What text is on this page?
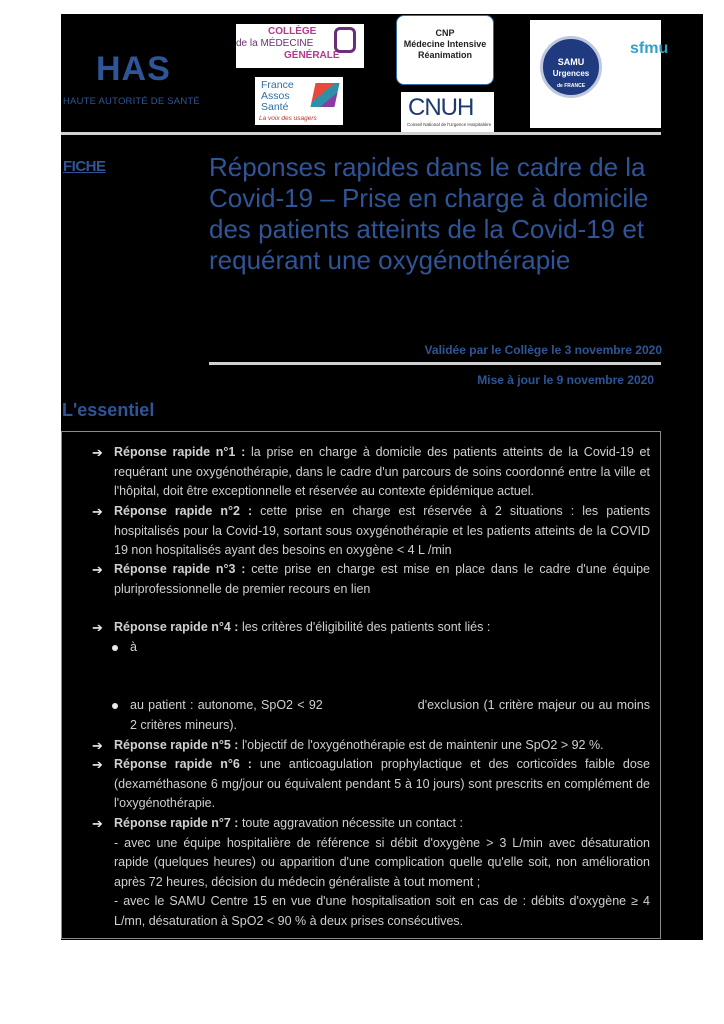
HAS
HAUTE AUTORITÉ DE SANTÉ
COLLÈGE
de la MÉDECINE
GÉNÉRALE
France
Assos
Santé
La voix des usagers
CNP
Médecine Intensive
Réanimation
CNUH
Conseil National de l'Urgence Hospitalière
SAMU
Urgences
de FRANCE
sfmu
FICHE	Réponses rapides dans le cadre de la Covid-19 – Prise en charge à domicile des patients atteints de la Covid-19 et requérant une oxygénothérapie
Validée par le Collège le 3 novembre 2020
Mise à jour le 9 novembre 2020
L'essentiel
➔ Réponse rapide n°1 : la prise en charge à domicile des patients atteints de la Covid-19 et requérant une oxygénothérapie, dans le cadre d'un parcours de soins coordonné entre la ville et l'hôpital, doit être exceptionnelle et réservée au contexte épidémique actuel.
➔ Réponse rapide n°2 : cette prise en charge est réservée à 2 situations : les patients hospitalisés pour la Covid-19, sortant sous oxygénothérapie et les patients atteints de la COVID 19 non hospitalisés ayant des besoins en oxygène < 4 L /min
➔ Réponse rapide n°3 : cette prise en charge est mise en place dans le cadre d'une équipe pluriprofessionnelle de premier recours en lien
➔ Réponse rapide n°4 : les critères d'éligibilité des patients sont liés :
à
au patient : autonome, SpO2 < 92	d'exclusion (1 critère majeur ou au moins 2 critères mineurs).
➔ Réponse rapide n°5 : l'objectif de l'oxygénothérapie est de maintenir une SpO2 > 92 %.
➔ Réponse rapide n°6 : une anticoagulation prophylactique et des corticoïdes faible dose (dexaméthasone 6 mg/jour ou équivalent pendant 5 à 10 jours) sont prescrits en complément de l'oxygénothérapie.
➔ Réponse rapide n°7 : toute aggravation nécessite un contact :
- avec une équipe hospitalière de référence si débit d'oxygène > 3 L/min avec désaturation rapide (quelques heures) ou apparition d'une complication quelle qu'elle soit, non amélioration après 72 heures, décision du médecin généraliste à tout moment ;
- avec le SAMU Centre 15 en vue d'une hospitalisation soit en cas de : débits d'oxygène ≥ 4 L/mn, désaturation à SpO2 < 90 % à deux prises consécutives.
